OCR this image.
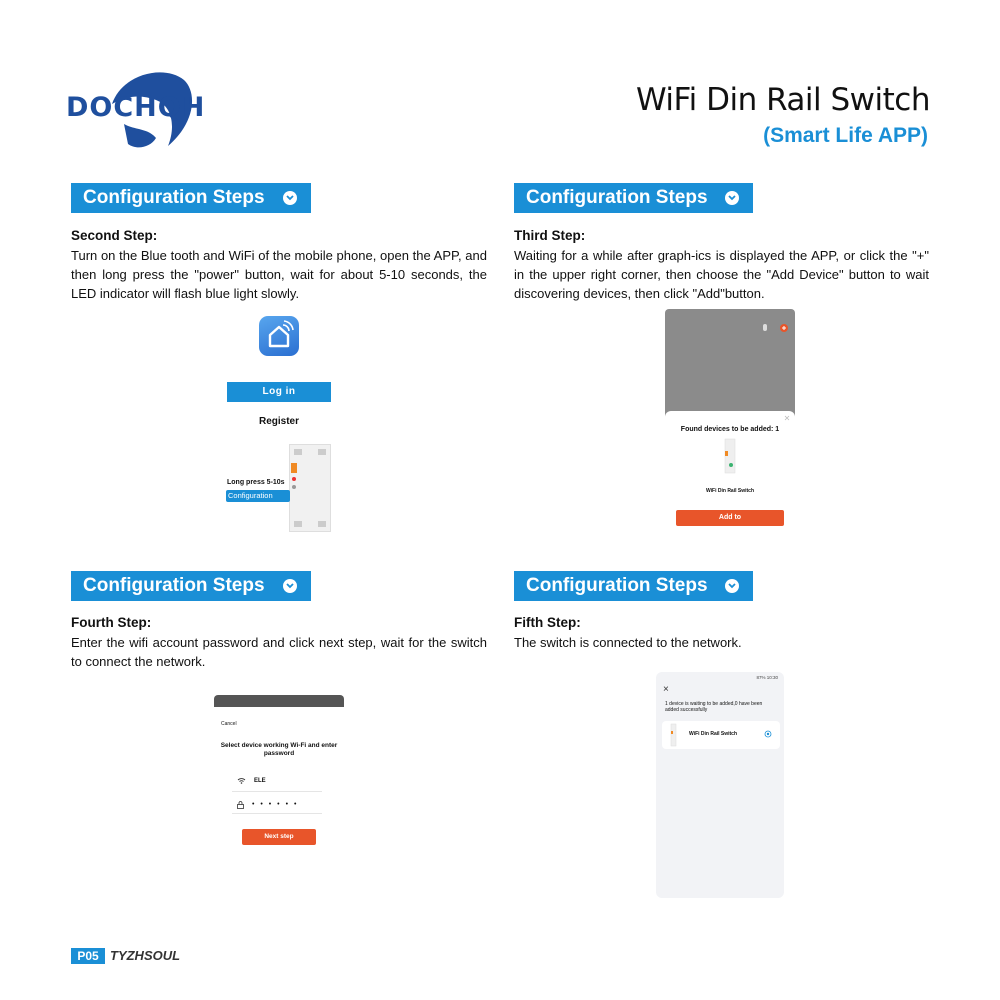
DOCHQH	WiFi Din Rail Switch
(Smart Life APP)
Configuration Steps
Second Step:
Turn on the Blue tooth and WiFi of the mobile phone, open the APP, and then long press the "power" button, wait for about 5-10 seconds, the LED indicator will flash blue light slowly.
Log in
Register
Long press 5-10s
Configuration
Configuration Steps
Third Step:
Waiting for a while after graph-ics is displayed the APP, or click the "+" in the upper right corner, then choose the "Add Device" button to wait discovering devices, then click "Add"button.
Found devices to be added: 1
WiFi Din Rail Switch
Add to
Configuration Steps
Fourth Step:
Enter the wifi account password and click next step, wait for the switch to connect the network.
Cancel
Select device working Wi-Fi and enter password
ELE
• • • • • •
Next step
Configuration Steps
Fifth Step:
The switch is connected to the network.
87% 10:30
×
1 device is waiting to be added,0 have been added successfully
WiFi Din Rail Switch
P05 TYZHSOUL
